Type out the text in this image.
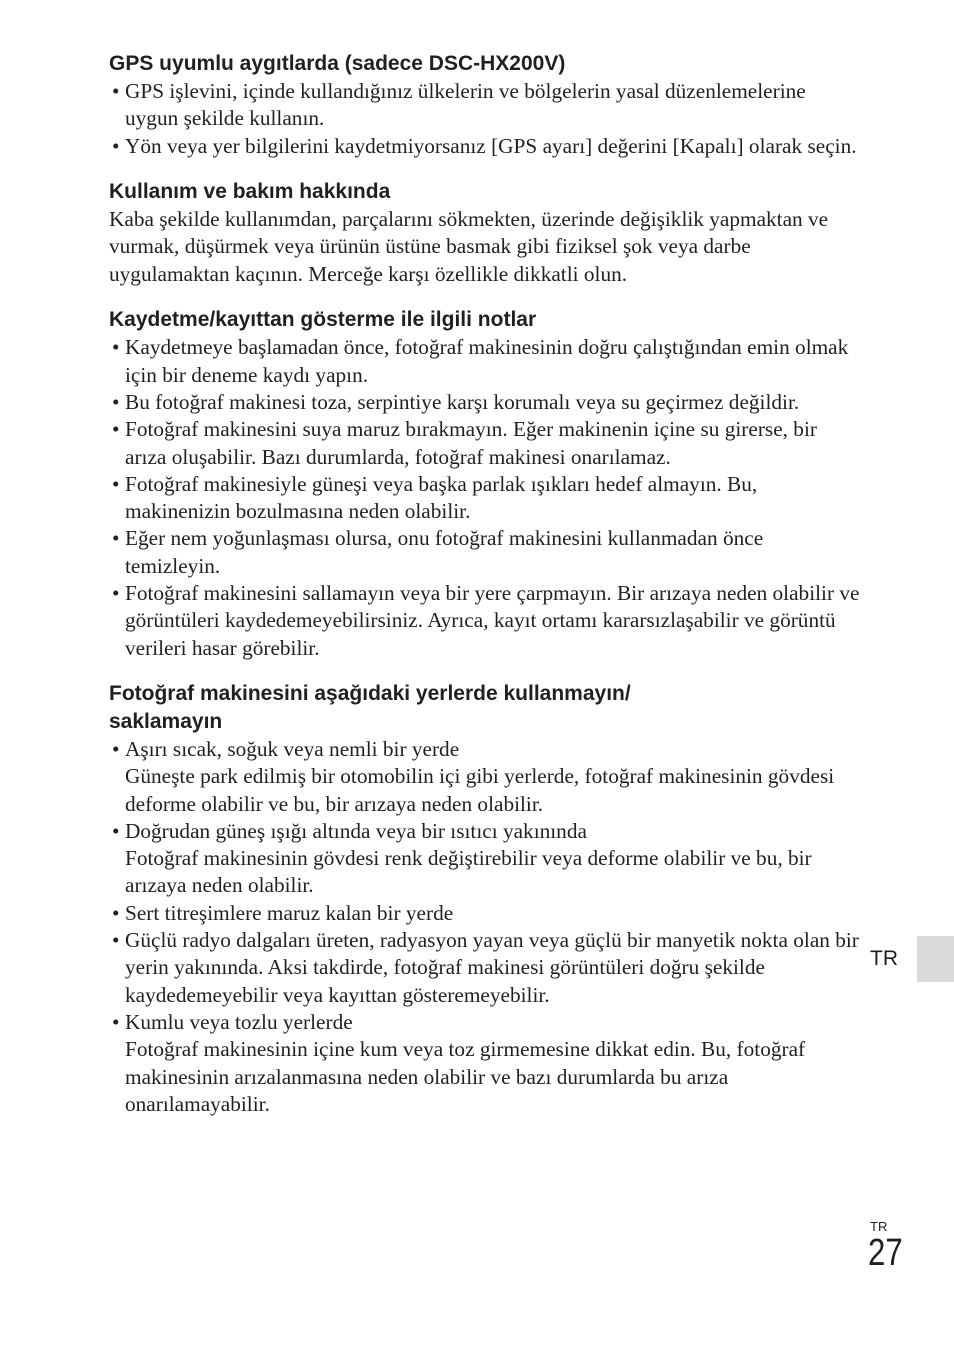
GPS uyumlu aygıtlarda (sadece DSC-HX200V)
• GPS işlevini, içinde kullandığınız ülkelerin ve bölgelerin yasal düzenlemelerine uygun şekilde kullanın.
• Yön veya yer bilgilerini kaydetmiyorsanız [GPS ayarı] değerini [Kapalı] olarak seçin.
Kullanım ve bakım hakkında

Kaba şekilde kullanımdan, parçalarını sökmekten, üzerinde değişiklik yapmaktan ve vurmak, düşürmek veya ürünün üstüne basmak gibi fiziksel şok veya darbe uygulamaktan kaçının. Merceğe karşı özellikle dikkatli olun.

Kaydetme/kayıttan gösterme ile ilgili notlar
• Kaydetmeye başlamadan önce, fotoğraf makinesinin doğru çalıştığından emin olmak için bir deneme kaydı yapın.
• Bu fotoğraf makinesi toza, serpintiye karşı korumalı veya su geçirmez değildir.
• Fotoğraf makinesini suya maruz bırakmayın. Eğer makinenin içine su girerse, bir arıza oluşabilir. Bazı durumlarda, fotoğraf makinesi onarılamaz.
• Fotoğraf makinesiyle güneşi veya başka parlak ışıkları hedef almayın. Bu, makinenizin bozulmasına neden olabilir.
• Eğer nem yoğunlaşması olursa, onu fotoğraf makinesini kullanmadan önce temizleyin.
• Fotoğraf makinesini sallamayın veya bir yere çarpmayın. Bir arızaya neden olabilir ve görüntüleri kaydedemeyebilirsiniz. Ayrıca, kayıt ortamı kararsızlaşabilir ve görüntü verileri hasar görebilir.
Fotoğraf makinesini aşağıdaki yerlerde kullanmayın/ saklamayın
• Aşırı sıcak, soğuk veya nemli bir yerde
Güneşte park edilmiş bir otomobilin içi gibi yerlerde, fotoğraf makinesinin gövdesi deforme olabilir ve bu, bir arızaya neden olabilir.
• Doğrudan güneş ışığı altında veya bir ısıtıcı yakınında
Fotoğraf makinesinin gövdesi renk değiştirebilir veya deforme olabilir ve bu, bir arızaya neden olabilir.
• Sert titreşimlere maruz kalan bir yerde
• Güçlü radyo dalgaları üreten, radyasyon yayan veya güçlü bir manyetik nokta olan bir yerin yakınında. Aksi takdirde, fotoğraf makinesi görüntüleri doğru şekilde kaydedemeyebilir veya kayıttan gösteremeyebilir.
• Kumlu veya tozlu yerlerde
Fotoğraf makinesinin içine kum veya toz girmemesine dikkat edin. Bu, fotoğraf makinesinin arızalanmasına neden olabilir ve bazı durumlarda bu arıza onarılamayabilir.
TR
TR
27
